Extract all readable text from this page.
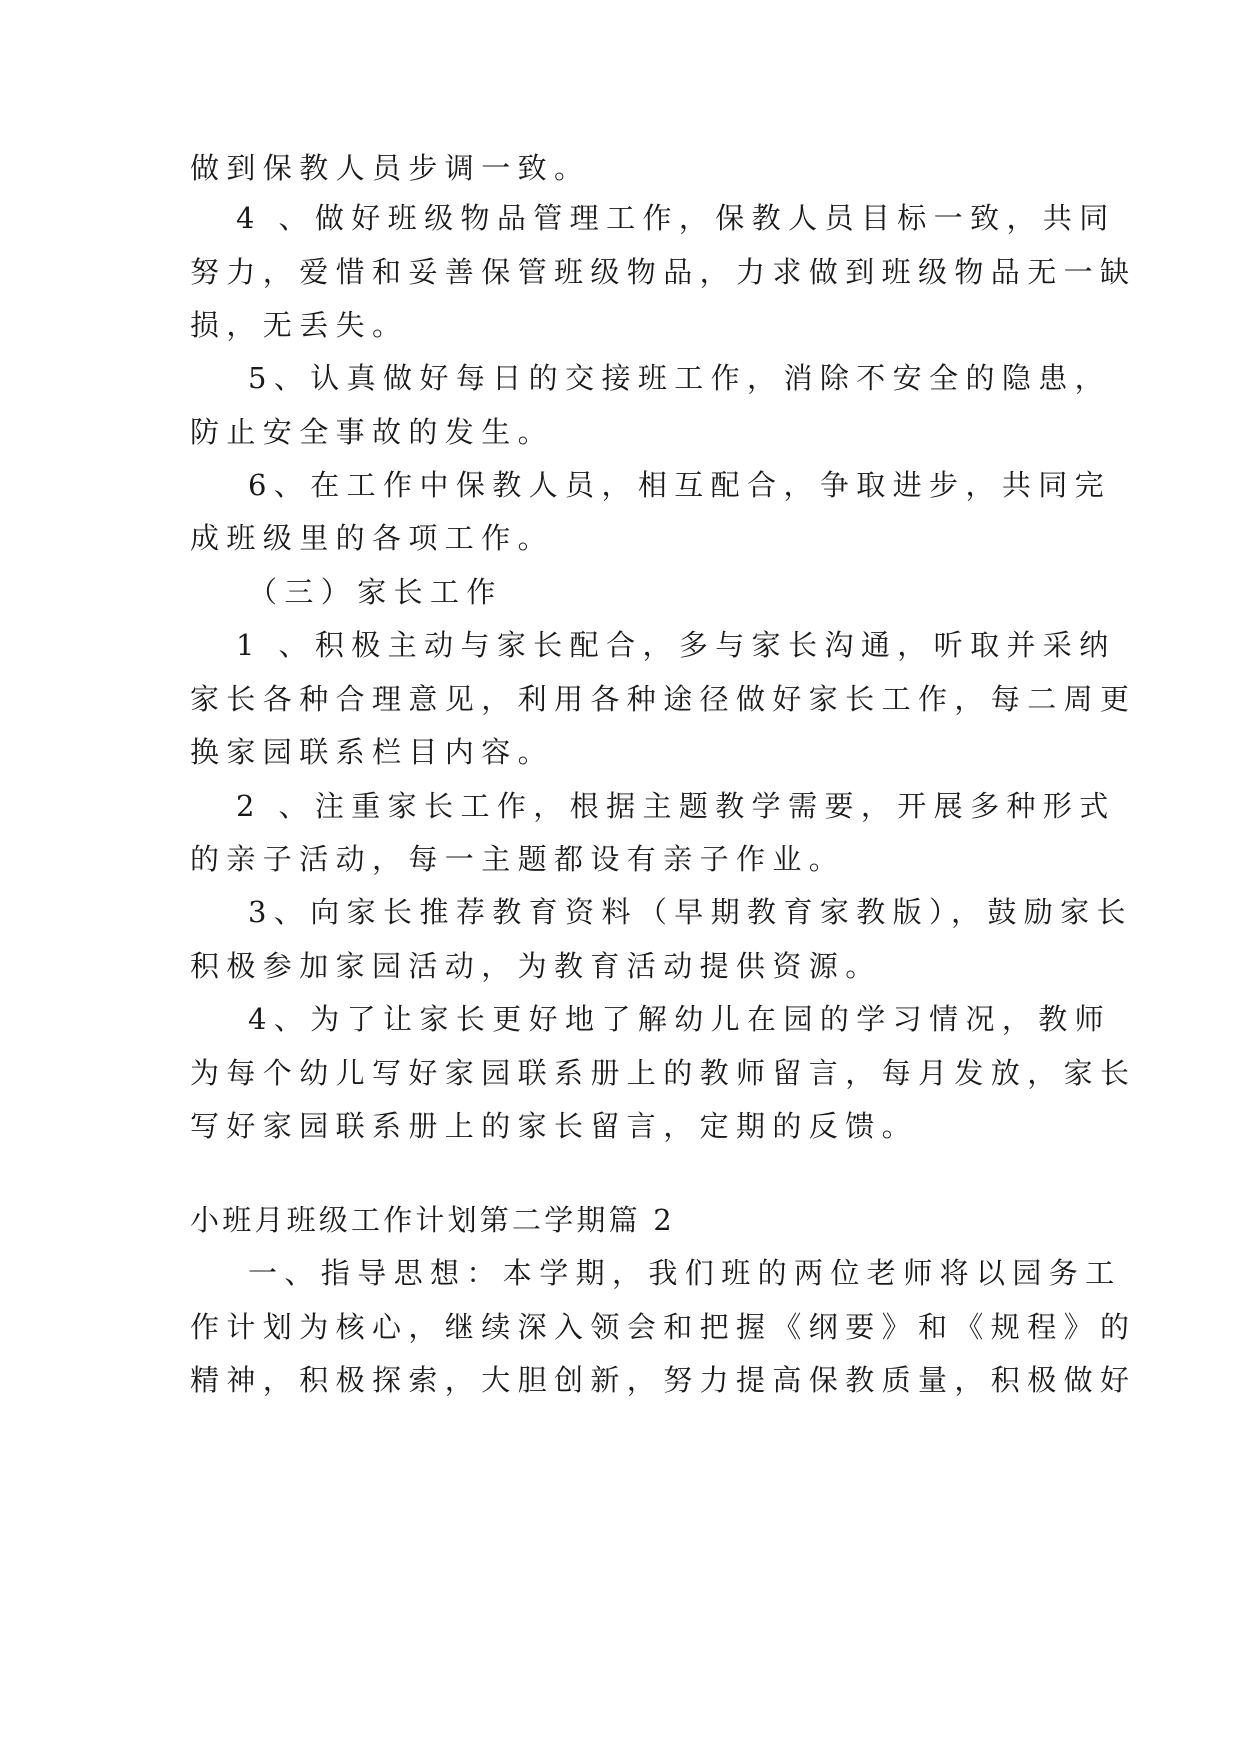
做到保教人员步调一致。
4 、做好班级物品管理工作，保教人员目标一致，共同
努力，爱惜和妥善保管班级物品，力求做到班级物品无一缺
损，无丢失。
5、认真做好每日的交接班工作，消除不安全的隐患，
防止安全事故的发生。
6、在工作中保教人员，相互配合，争取进步，共同完
成班级里的各项工作。
（三）家长工作
1 、积极主动与家长配合，多与家长沟通，听取并采纳
家长各种合理意见，利用各种途径做好家长工作，每二周更
换家园联系栏目内容。
2 、注重家长工作，根据主题教学需要，开展多种形式
的亲子活动，每一主题都设有亲子作业。
3、向家长推荐教育资料（早期教育家教版），鼓励家长
积极参加家园活动，为教育活动提供资源。
4、为了让家长更好地了解幼儿在园的学习情况，教师
为每个幼儿写好家园联系册上的教师留言，每月发放，家长
写好家园联系册上的家长留言，定期的反馈。
小班月班级工作计划第二学期篇 2
一、指导思想：本学期，我们班的两位老师将以园务工
作计划为核心，继续深入领会和把握《纲要》和《规程》的
精神，积极探索，大胆创新，努力提高保教质量，积极做好
